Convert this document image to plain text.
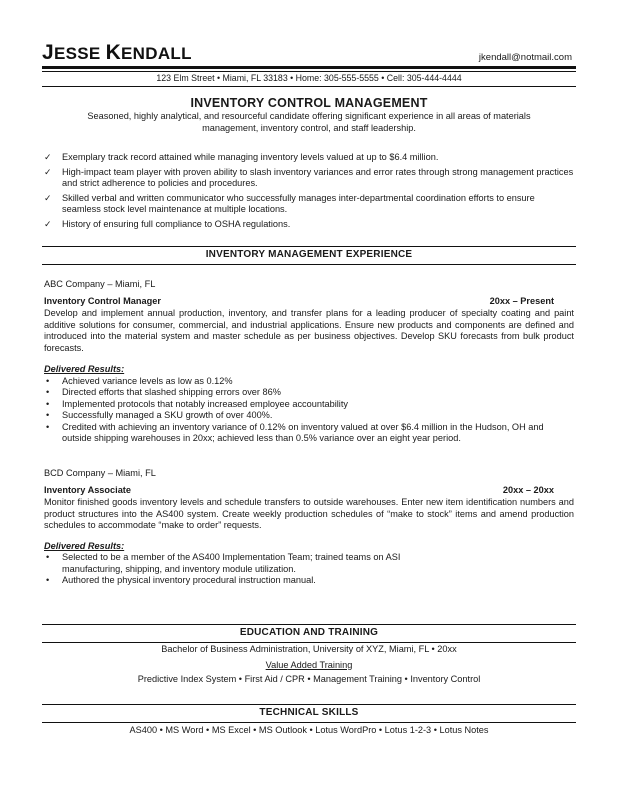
JESSE KENDALL	jkendall@notmail.com
123 Elm Street • Miami, FL 33183 • Home: 305-555-5555 • Cell: 305-444-4444
INVENTORY CONTROL MANAGEMENT
Seasoned, highly analytical, and resourceful candidate offering significant experience in all areas of materials management, inventory control, and staff leadership.
✓ Exemplary track record attained while managing inventory levels valued at up to $6.4 million.
✓ High-impact team player with proven ability to slash inventory variances and error rates through strong management practices and strict adherence to policies and procedures.
✓ Skilled verbal and written communicator who successfully manages inter-departmental coordination efforts to ensure seamless stock level maintenance at multiple locations.
✓ History of ensuring full compliance to OSHA regulations.
INVENTORY MANAGEMENT EXPERIENCE
ABC Company – Miami, FL
Inventory Control Manager	20xx – Present
Develop and implement annual production, inventory, and transfer plans for a leading producer of specialty coating and paint additive solutions for consumer, commercial, and industrial applications. Ensure new products and components are defined and introduced into the material system and master schedule as per business objectives. Develop SKU forecasts from bulk product forecasts.
Delivered Results:
• Achieved variance levels as low as 0.12%
• Directed efforts that slashed shipping errors over 86%
• Implemented protocols that notably increased employee accountability
• Successfully managed a SKU growth of over 400%.
• Credited with achieving an inventory variance of 0.12% on inventory valued at over $6.4 million in the Hudson, OH and outside shipping warehouses in 20xx; achieved less than 0.5% variance over an eight year period.
BCD Company – Miami, FL
Inventory Associate	20xx – 20xx
Monitor finished goods inventory levels and schedule transfers to outside warehouses. Enter new item identification numbers and product structures into the AS400 system. Create weekly production schedules of “make to stock” items and amend production schedules to accommodate “make to order” requests.
Delivered Results:
• Selected to be a member of the AS400 Implementation Team; trained teams on ASI manufacturing, shipping, and inventory module utilization.
• Authored the physical inventory procedural instruction manual.
EDUCATION AND TRAINING
Bachelor of Business Administration, University of XYZ, Miami, FL • 20xx
Value Added Training
Predictive Index System • First Aid / CPR • Management Training • Inventory Control
TECHNICAL SKILLS
AS400 • MS Word • MS Excel • MS Outlook • Lotus WordPro • Lotus 1-2-3 • Lotus Notes
